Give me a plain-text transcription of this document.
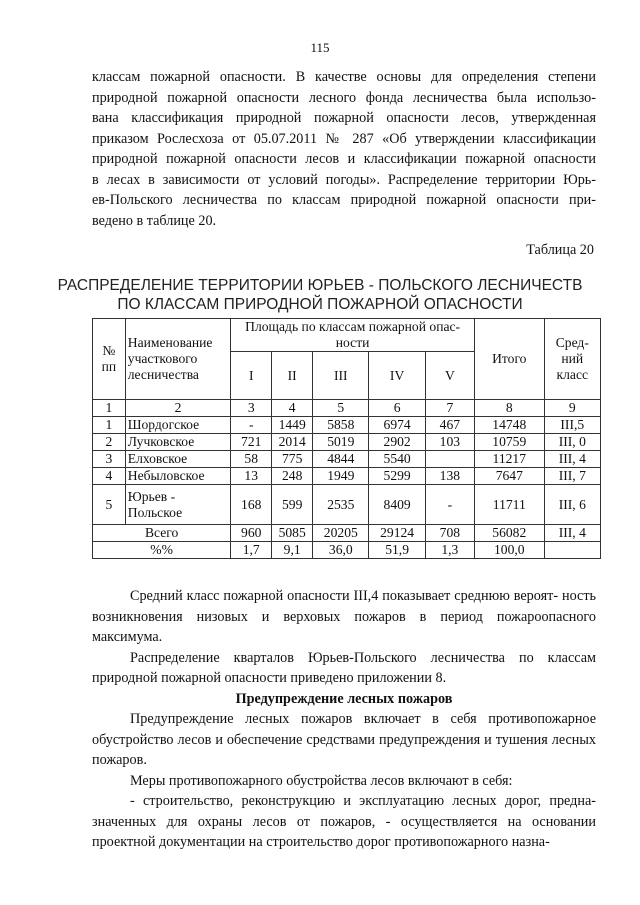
115
классам пожарной опасности. В качестве основы для определения степени
природной пожарной опасности лесного фонда лесничества была использо-
вана классификация природной пожарной опасности лесов, утвержденная
приказом Рослесхоза от 05.07.2011 № 287 «Об утверждении классификации
природной пожарной опасности лесов и классификации пожарной опасности
в лесах в зависимости от условий погоды». Распределение территории Юрь-
ев-Польского лесничества по классам природной пожарной опасности при-
ведено в таблице 20.
Таблица 20
РАСПРЕДЕЛЕНИЕ ТЕРРИТОРИИ ЮРЬЕВ - ПОЛЬСКОГО ЛЕСНИЧЕСТВ
ПО КЛАССАМ ПРИРОДНОЙ ПОЖАРНОЙ ОПАСНОСТИ
№ пп	Наименование участкового лесничества	Площадь по классам пожарной опас- ности					Итого	Сред- ний класс
		I	II	III	IV	V		
1	2	3	4	5	6	7	8	9
1	Шордогское	-	1449	5858	6974	467	14748	III,5
2	Лучковское	721	2014	5019	2902	103	10759	III, 0
3	Елховское	58	775	4844	5540		11217	III, 4
4	Небыловское	13	248	1949	5299	138	7647	III, 7
5	Юрьев - Польское	168	599	2535	8409	-	11711	III, 6
Всего		960	5085	20205	29124	708	56082	III, 4
%%		1,7	9,1	36,0	51,9	1,3	100,0	
Средний класс пожарной опасности III,4 показывает среднюю вероят- ность возникновения низовых и верховых пожаров в период пожароопасного максимума.
Распределение кварталов Юрьев-Польского лесничества по классам природной пожарной опасности приведено приложении 8.
Предупреждение лесных пожаров
Предупреждение лесных пожаров включает в себя противопожарное обустройство лесов и обеспечение средствами предупреждения и тушения лесных пожаров.
Меры противопожарного обустройства лесов включают в себя:
- строительство, реконструкцию и эксплуатацию лесных дорог, предна- значенных для охраны лесов от пожаров, - осуществляется на основании проектной документации на строительство дорог противопожарного назна-
